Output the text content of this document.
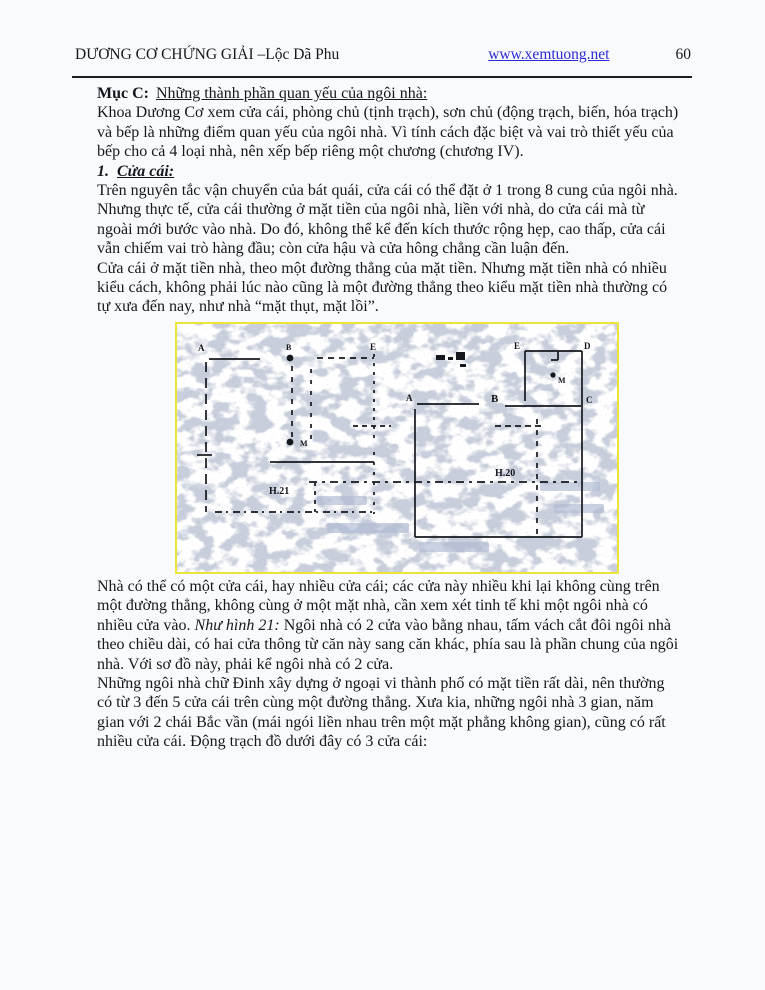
DƯƠNG CƠ CHỨNG GIẢI –Lộc Dã Phu	www.xemtuong.net	60

Mục C: Những thành phần quan yếu của ngôi nhà:

Khoa Dương Cơ xem cửa cái, phòng chủ (tịnh trạch), sơn chủ (động trạch, biến, hóa trạch) và bếp là những điểm quan yếu của ngôi nhà. Vì tính cách đặc biệt và vai trò thiết yếu của bếp cho cả 4 loại nhà, nên xếp bếp riêng một chương (chương IV).

1. Cửa cái:

Trên nguyên tắc vận chuyển của bát quái, cửa cái có thể đặt ở 1 trong 8 cung của ngôi nhà. Nhưng thực tế, cửa cái thường ở mặt tiền của ngôi nhà, liền với nhà, do cửa cái mà từ ngoài mới bước vào nhà. Do đó, không thể kể đến kích thước rộng hẹp, cao thấp, cửa cái vẫn chiếm vai trò hàng đầu; còn cửa hậu và cửa hông chẳng cần luận đến.

Cửa cái ở mặt tiền nhà, theo một đường thẳng của mặt tiền. Nhưng mặt tiền nhà có nhiều kiểu cách, không phải lúc nào cũng là một đường thẳng theo kiểu mặt tiền nhà thường có tự xưa đến nay, như nhà “mặt thụt, mặt lồi”.

A	B	E
M
H.21
A	B
E
M
C
D
H.20

Nhà có thể có một cửa cái, hay nhiều cửa cái; các cửa này nhiều khi lại không cùng trên một đường thẳng, không cùng ở một mặt nhà, cần xem xét tinh tế khi một ngôi nhà có nhiều cửa vào. Như hình 21: Ngôi nhà có 2 cửa vào bằng nhau, tấm vách cắt đôi ngôi nhà theo chiều dài, có hai cửa thông từ căn này sang căn khác, phía sau là phần chung của ngôi nhà. Với sơ đồ này, phải kể ngôi nhà có 2 cửa.

Những ngôi nhà chữ Đinh xây dựng ở ngoại vi thành phố có mặt tiền rất dài, nên thường có từ 3 đến 5 cửa cái trên cùng một đường thẳng. Xưa kia, những ngôi nhà 3 gian, năm gian với 2 chái Bắc vần (mái ngói liền nhau trên một mặt phẳng không gian), cũng có rất nhiều cửa cái. Động trạch đồ dưới đây có 3 cửa cái:
